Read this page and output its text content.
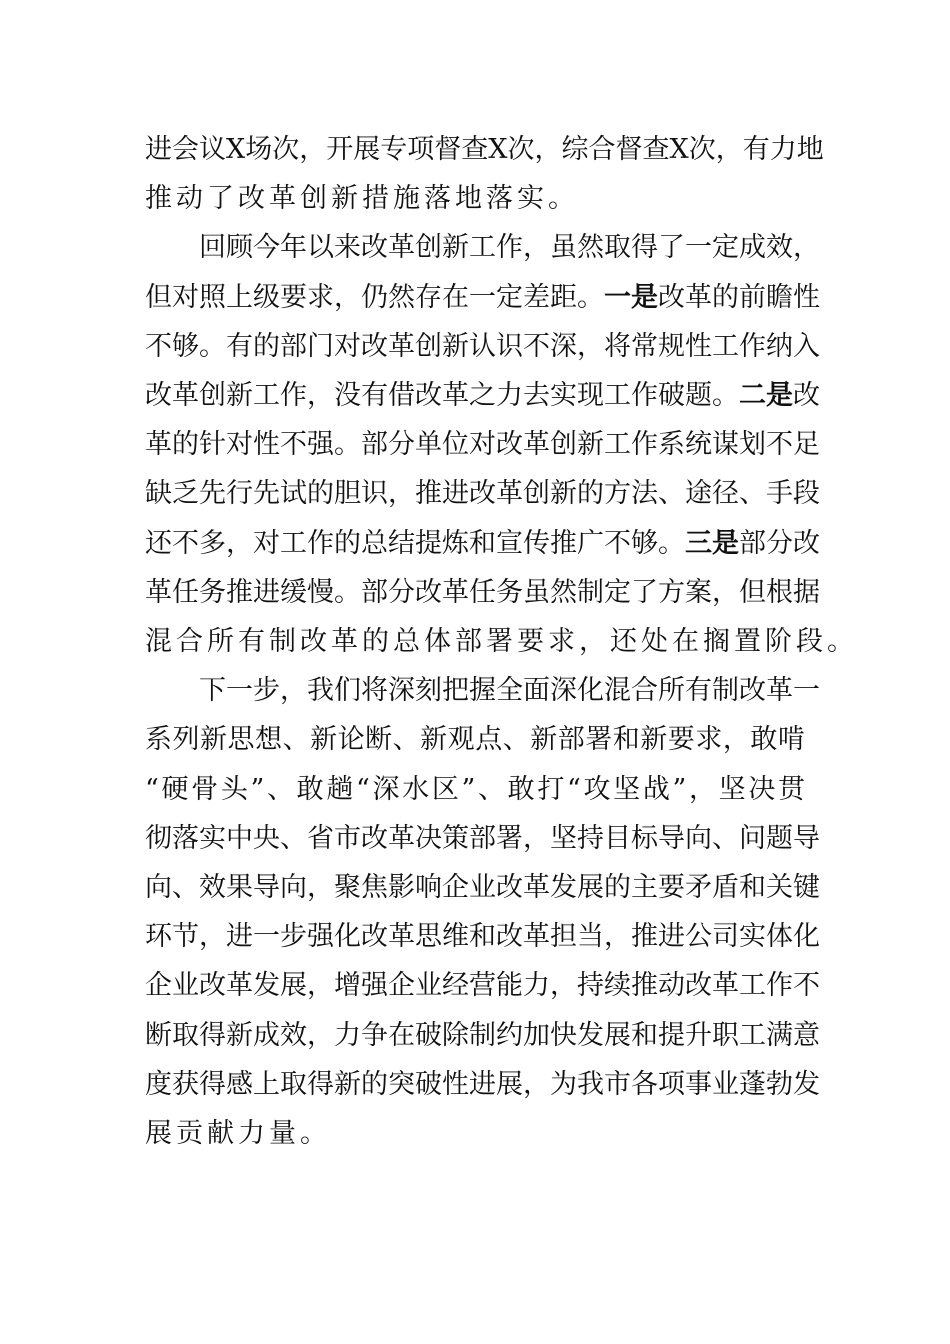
进 会 议 X 场 次 ， 开 展 专 项 督 查 X 次 ， 综 合 督 查 X 次 ， 有 力 地
推 动 了 改 革 创 新 措 施 落 地 落 实 。
回 顾 今 年 以 来 改 革 创 新 工 作 ， 虽 然 取 得 了 一 定 成 效 ，
但 对 照 上 级 要 求 ， 仍 然 存 在 一 定 差 距 。 一 是 改 革 的 前 瞻 性
不 够 。 有 的 部 门 对 改 革 创 新 认 识 不 深 ， 将 常 规 性 工 作 纳 入
改 革 创 新 工 作 ， 没 有 借 改 革 之 力 去 实 现 工 作 破 题 。 二 是 改
革 的 针 对 性 不 强 。 部 分 单 位 对 改 革 创 新 工 作 系 统 谋 划 不 足
缺 乏 先 行 先 试 的 胆 识 ， 推 进 改 革 创 新 的 方 法 、 途 径 、 手 段
还 不 多 ， 对 工 作 的 总 结 提 炼 和 宣 传 推 广 不 够 。 三 是 部 分 改
革 任 务 推 进 缓 慢 。 部 分 改 革 任 务 虽 然 制 定 了 方 案 ， 但 根 据
混 合 所 有 制 改 革 的 总 体 部 署 要 求 ， 还 处 在 搁 置 阶 段 。
下 一 步 ， 我 们 将 深 刻 把 握 全 面 深 化 混 合 所 有 制 改 革 一
系 列 新 思 想 、 新 论 断 、 新 观 点 、 新 部 署 和 新 要 求 ， 敢 啃
“ 硬 骨 头 ” 、 敢 趟 “ 深 水 区 ” 、 敢 打 “ 攻 坚 战 ” ， 坚 决 贯
彻 落 实 中 央 、 省 市 改 革 决 策 部 署 ， 坚 持 目 标 导 向 、 问 题 导
向 、 效 果 导 向 ， 聚 焦 影 响 企 业 改 革 发 展 的 主 要 矛 盾 和 关 键
环 节 ， 进 一 步 强 化 改 革 思 维 和 改 革 担 当 ， 推 进 公 司 实 体 化
企 业 改 革 发 展 ， 增 强 企 业 经 营 能 力 ， 持 续 推 动 改 革 工 作 不
断 取 得 新 成 效 ， 力 争 在 破 除 制 约 加 快 发 展 和 提 升 职 工 满 意
度 获 得 感 上 取 得 新 的 突 破 性 进 展 ， 为 我 市 各 项 事 业 蓬 勃 发
展 贡 献 力 量 。
